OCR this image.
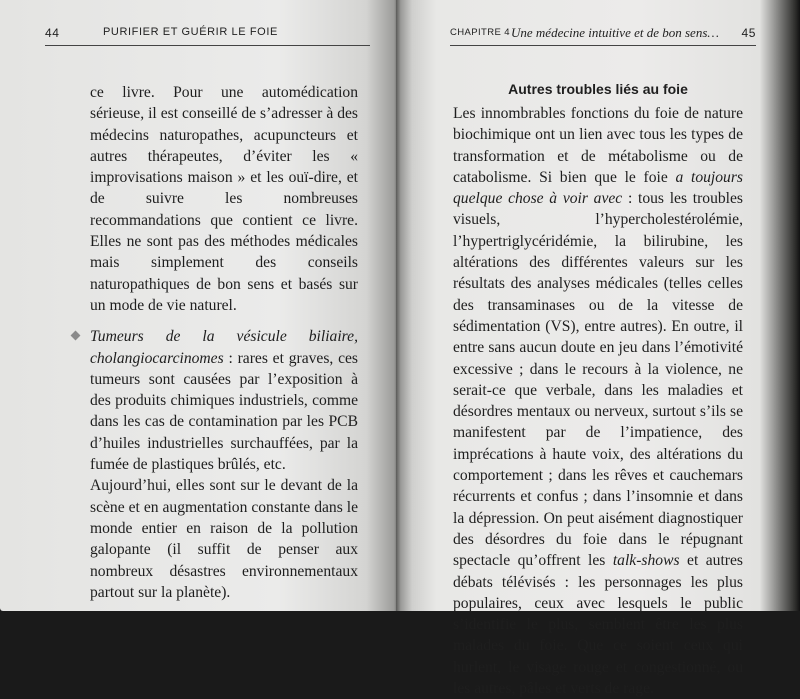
44	PURIFIER ET GUÉRIR LE FOIE	CHAPITRE 4 Une médecine intuitive et de bon sens… 45

ce livre. Pour une automédication sérieuse, il est conseillé de s’adresser à des médecins naturopathes, acupuncteurs et autres thérapeutes, d’éviter les « improvisations maison » et les ouï-dire, et de suivre les nombreuses recommandations que contient ce livre. Elles ne sont pas des méthodes médicales mais simplement des conseils naturopathiques de bon sens et basés sur un mode de vie naturel.

Tumeurs de la vésicule biliaire, cholangiocarcinomes : rares et graves, ces tumeurs sont causées par l’exposition à des produits chimiques industriels, comme dans les cas de contamination par les PCB d’huiles industrielles surchauffées, par la fumée de plastiques brûlés, etc.

Aujourd’hui, elles sont sur le devant de la scène et en augmentation constante dans le monde entier en raison de la pollution galopante (il suffit de penser aux nombreux désastres environnementaux partout sur la planète).

Autres troubles liés au foie

Les innombrables fonctions du foie de nature biochimique ont un lien avec tous les types de transformation et de métabolisme ou de catabolisme. Si bien que le foie a toujours quelque chose à voir avec : tous les troubles visuels, l’hypercholestérolémie, l’hypertriglycéridémie, la bilirubine, les altérations des différentes valeurs sur les résultats des analyses médicales (telles celles des transaminases ou de la vitesse de sédimentation (VS), entre autres). En outre, il entre sans aucun doute en jeu dans l’émotivité excessive ; dans le recours à la violence, ne serait-ce que verbale, dans les maladies et désordres mentaux ou nerveux, surtout s’ils se manifestent par de l’impatience, des imprécations à haute voix, des altérations du comportement ; dans les rêves et cauchemars récurrents et confus ; dans l’insomnie et dans la dépression. On peut aisément diagnostiquer des désordres du foie dans le répugnant spectacle qu’offrent les talk-shows et autres débats télévisés : les personnages les plus populaires, ceux avec lesquels le public s’identifie le plus, semblent être les plus malades du foie. Que ce soient ceux qui hurlent, le visage rouge et congestionné, ou les autres, pâles et verts de rage.
